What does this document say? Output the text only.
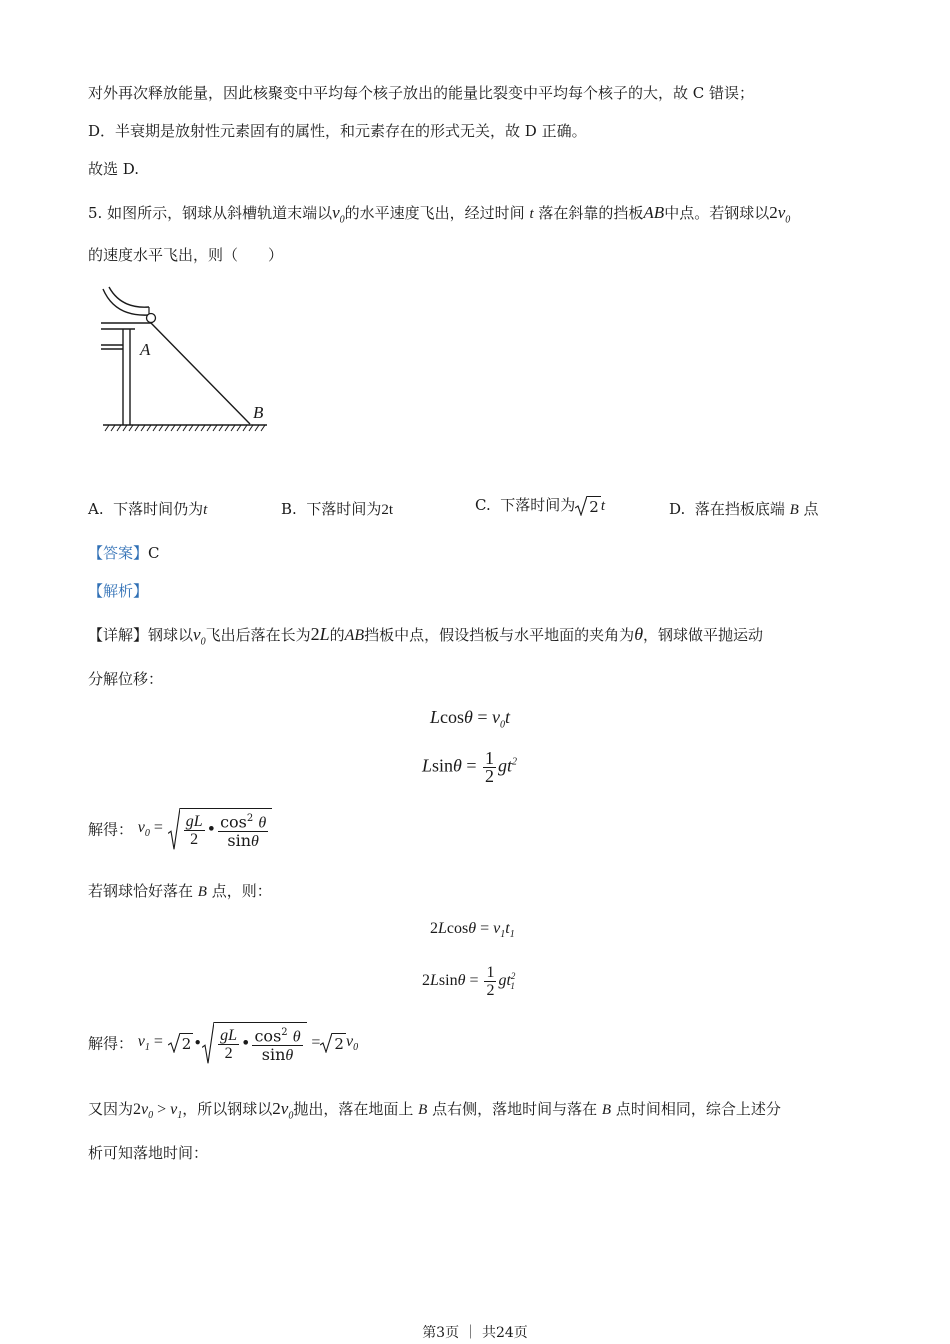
对外再次释放能量，因此核聚变中平均每个核子放出的能量比裂变中平均每个核子的大，故 C 错误；
D．半衰期是放射性元素固有的属性，和元素存在的形式无关，故 D 正确。
故选 D.
5. 如图所示，钢球从斜槽轨道末端以$v_0$的水平速度飞出，经过时间 t 落在斜靠的挡板AB中点。若钢球以$2v_0$
的速度水平飞出，则（　　）
A
B
A. 下落时间仍为t	B. 下落时间为2t	C. 下落时间为 2 t	D. 落在挡板底端 B 点
【答案】C
【解析】
【详解】钢球以$v_0$飞出后落在长为2L的AB挡板中点，假设挡板与水平地面的夹角为θ，钢球做平抛运动
分解位移：
$Lcos\theta = v_0t$
$Lsin\theta = \frac{1}{2} gt^2$
解得： $v_0 = \frac{gL}{2}$ • $\frac{\cos^2 \theta}{\sin\theta}$
若钢球恰好落在 B 点，则：
$2Lcos\theta = v_1t_1$
$2Lsin\theta = \frac{1}{2} gt^2_1$
解得： $v_1 = 2$ • $\frac{gL}{2}$ • $\frac{\cos^2 \theta}{\sin\theta} = 2$ $v_0$
又因为$2v_0 > v_1$，所以钢球以$2v_0$抛出，落在地面上 B 点右侧，落地时间与落在 B 点时间相同，综合上述分
析可知落地时间：
第3页 ｜ 共24页
